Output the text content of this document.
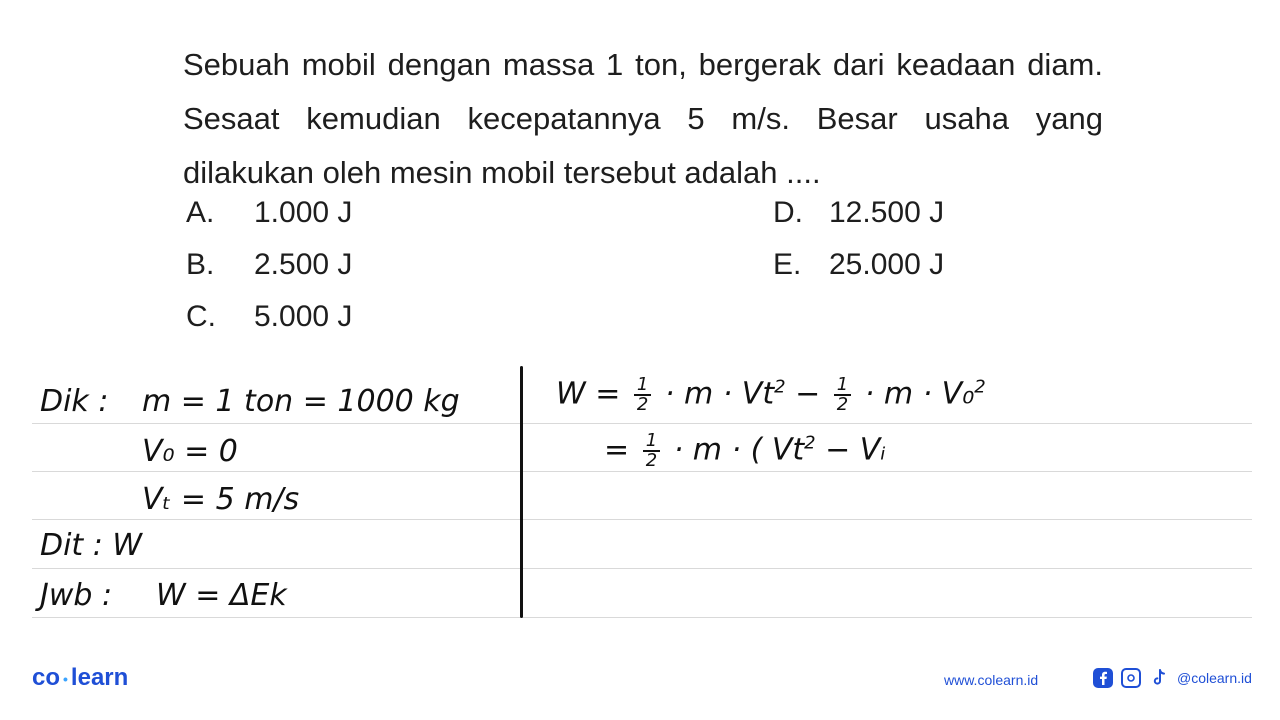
Sebuah mobil dengan massa 1 ton, bergerak dari keadaan diam. Sesaat kemudian kecepatannya 5 m/s. Besar usaha yang dilakukan oleh mesin mobil tersebut adalah ....
A. 1.000 J
B. 2.500 J
C. 5.000 J
D. 12.500 J
E. 25.000 J
Dik : m = 1 ton = 1000 kg
V₀ = 0
Vₜ = 5 m/s
Dit : W
Jwb : W = ΔEk
$W = \frac{1}{2} \cdot m \cdot Vt^2 - \frac{1}{2} \cdot m \cdot V_0^2$
= $\frac{1}{2} \cdot m$ · ( $Vt^2$ − Vᵢ
co • learn	www.colearn.id	@colearn.id
